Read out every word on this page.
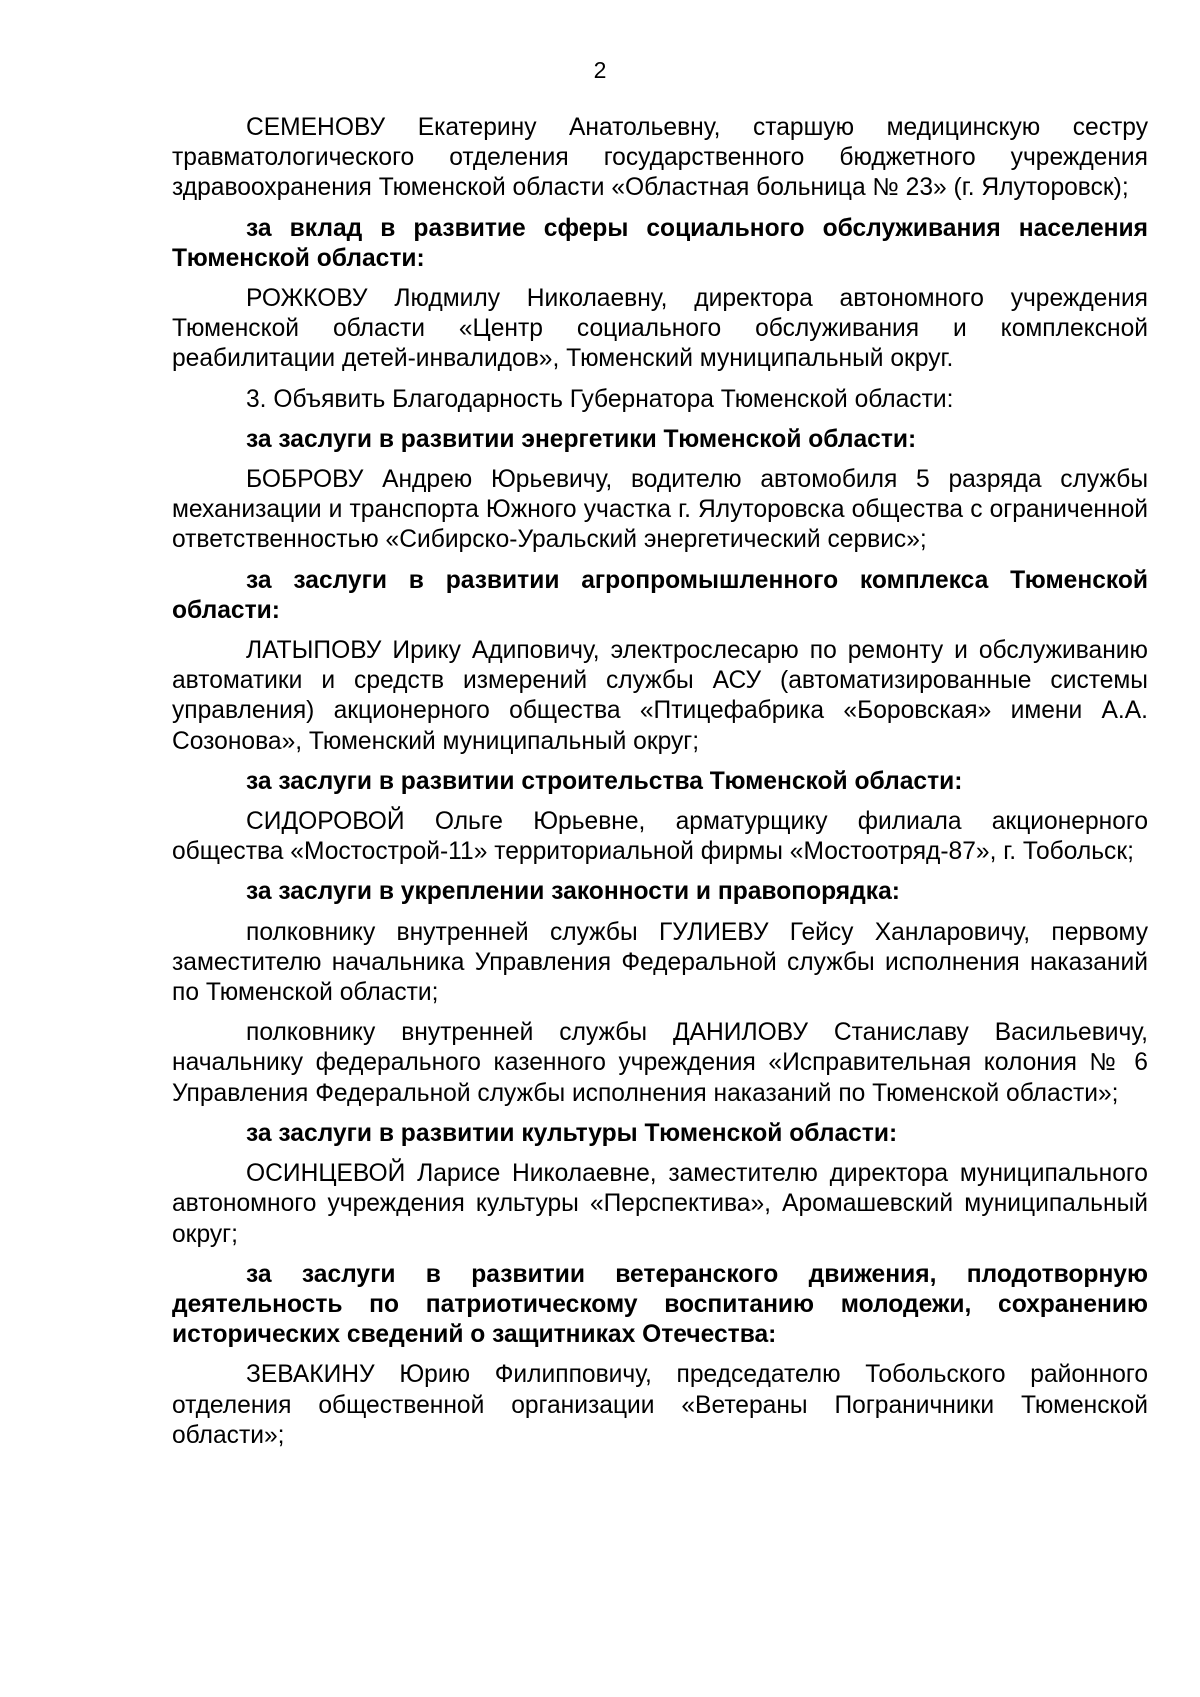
2

СЕМЕНОВУ Екатерину Анатольевну, старшую медицинскую сестру травматологического отделения государственного бюджетного учреждения здравоохранения Тюменской области «Областная больница № 23» (г. Ялуторовск);

за вклад в развитие сферы социального обслуживания населения Тюменской области:

РОЖКОВУ Людмилу Николаевну, директора автономного учреждения Тюменской области «Центр социального обслуживания и комплексной реабилитации детей-инвалидов», Тюменский муниципальный округ.

3. Объявить Благодарность Губернатора Тюменской области:

за заслуги в развитии энергетики Тюменской области:

БОБРОВУ Андрею Юрьевичу, водителю автомобиля 5 разряда службы механизации и транспорта Южного участка г. Ялуторовска общества с ограниченной ответственностью «Сибирско-Уральский энергетический сервис»;

за заслуги в развитии агропромышленного комплекса Тюменской области:

ЛАТЫПОВУ Ирику Адиповичу, электрослесарю по ремонту и обслуживанию автоматики и средств измерений службы АСУ (автоматизированные системы управления) акционерного общества «Птицефабрика «Боровская» имени А.А. Созонова», Тюменский муниципальный округ;

за заслуги в развитии строительства Тюменской области:

СИДОРОВОЙ Ольге Юрьевне, арматурщику филиала акционерного общества «Мостострой-11» территориальной фирмы «Мостоотряд-87», г. Тобольск;

за заслуги в укреплении законности и правопорядка:

полковнику внутренней службы ГУЛИЕВУ Гейсу Ханларовичу, первому заместителю начальника Управления Федеральной службы исполнения наказаний по Тюменской области;

полковнику внутренней службы ДАНИЛОВУ Станиславу Васильевичу, начальнику федерального казенного учреждения «Исправительная колония № 6 Управления Федеральной службы исполнения наказаний по Тюменской области»;

за заслуги в развитии культуры Тюменской области:

ОСИНЦЕВОЙ Ларисе Николаевне, заместителю директора муниципального автономного учреждения культуры «Перспектива», Аромашевский муниципальный округ;

за заслуги в развитии ветеранского движения, плодотворную деятельность по патриотическому воспитанию молодежи, сохранению исторических сведений о защитниках Отечества:

ЗЕВАКИНУ Юрию Филипповичу, председателю Тобольского районного отделения общественной организации «Ветераны Пограничники Тюменской области»;
